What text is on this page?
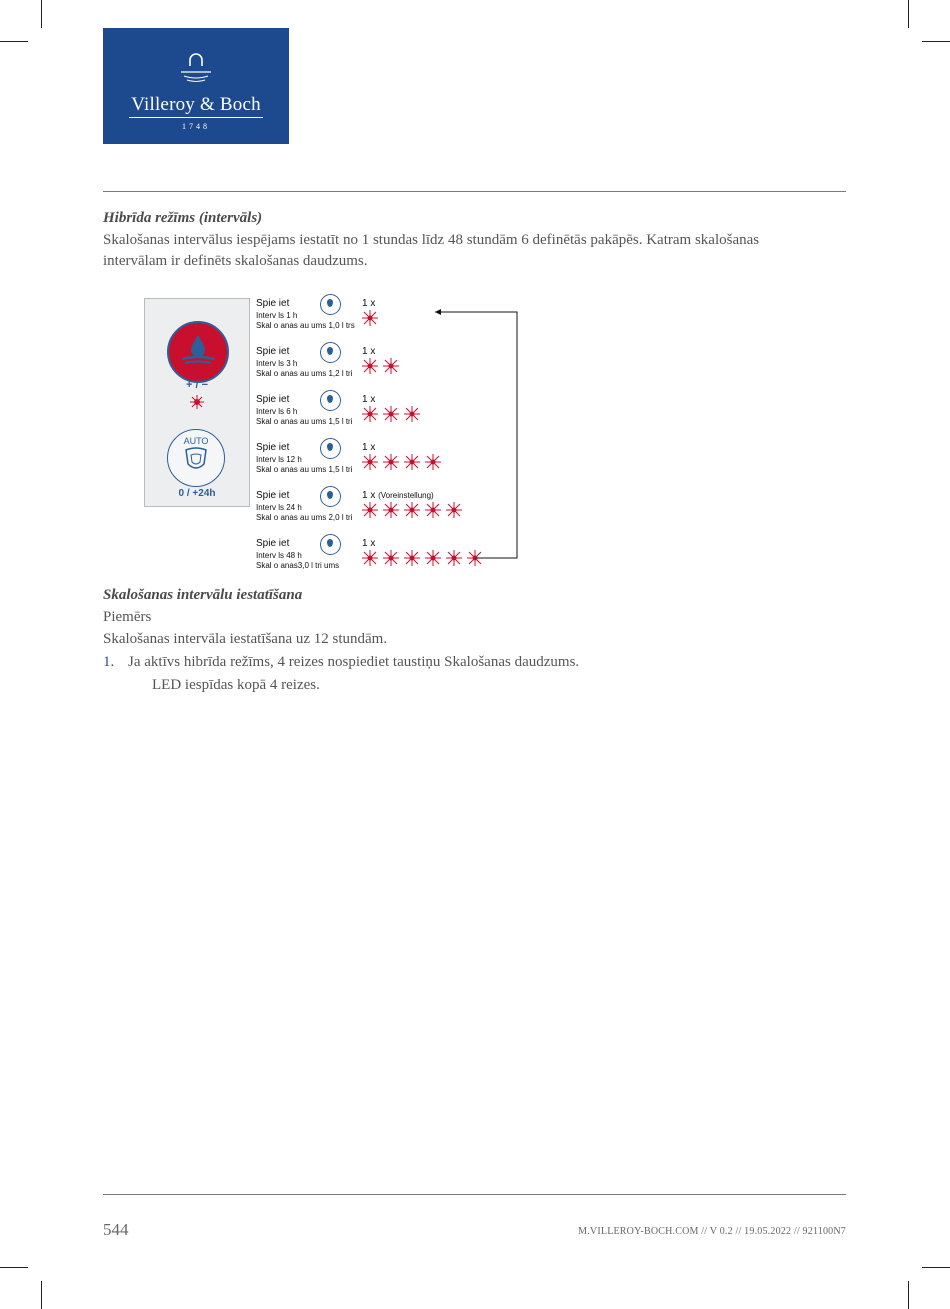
Villeroy & Boch
1748
Hibrīda režīms (intervāls)
Skalošanas intervālus iespējams iestatīt no 1 stundas līdz 48 stundām 6 definētās pakāpēs. Katram skalošanas
intervālam ir definēts skalošanas daudzums.
+ / −
AUTO
0 / +24h
Spie iet	1 x
Interv ls 1 h
Skal o anas au ums 1,0 l trs
Spie iet	1 x
Interv ls 3 h
Skal o anas au ums 1,2 l tri
Spie iet	1 x
Interv ls 6 h
Skal o anas au ums 1,5 l tri
Spie iet	1 x
Interv ls 12 h
Skal o anas au ums 1,5 l tri
Spie iet	1 x (Voreinstellung)
Interv ls 24 h
Skal o anas au ums 2,0 l tri
Spie iet	1 x
Interv ls 48 h
Skal o anas3,0 l tri ums
Skalošanas intervālu iestatīšana
Piemērs
Skalošanas intervāla iestatīšana uz 12 stundām.
1. Ja aktīvs hibrīda režīms, 4 reizes nospiediet taustiņu Skalošanas daudzums.
LED iespīdas kopā 4 reizes.
544	M.VILLEROY-BOCH.COM // V 0.2 // 19.05.2022 // 921100N7
